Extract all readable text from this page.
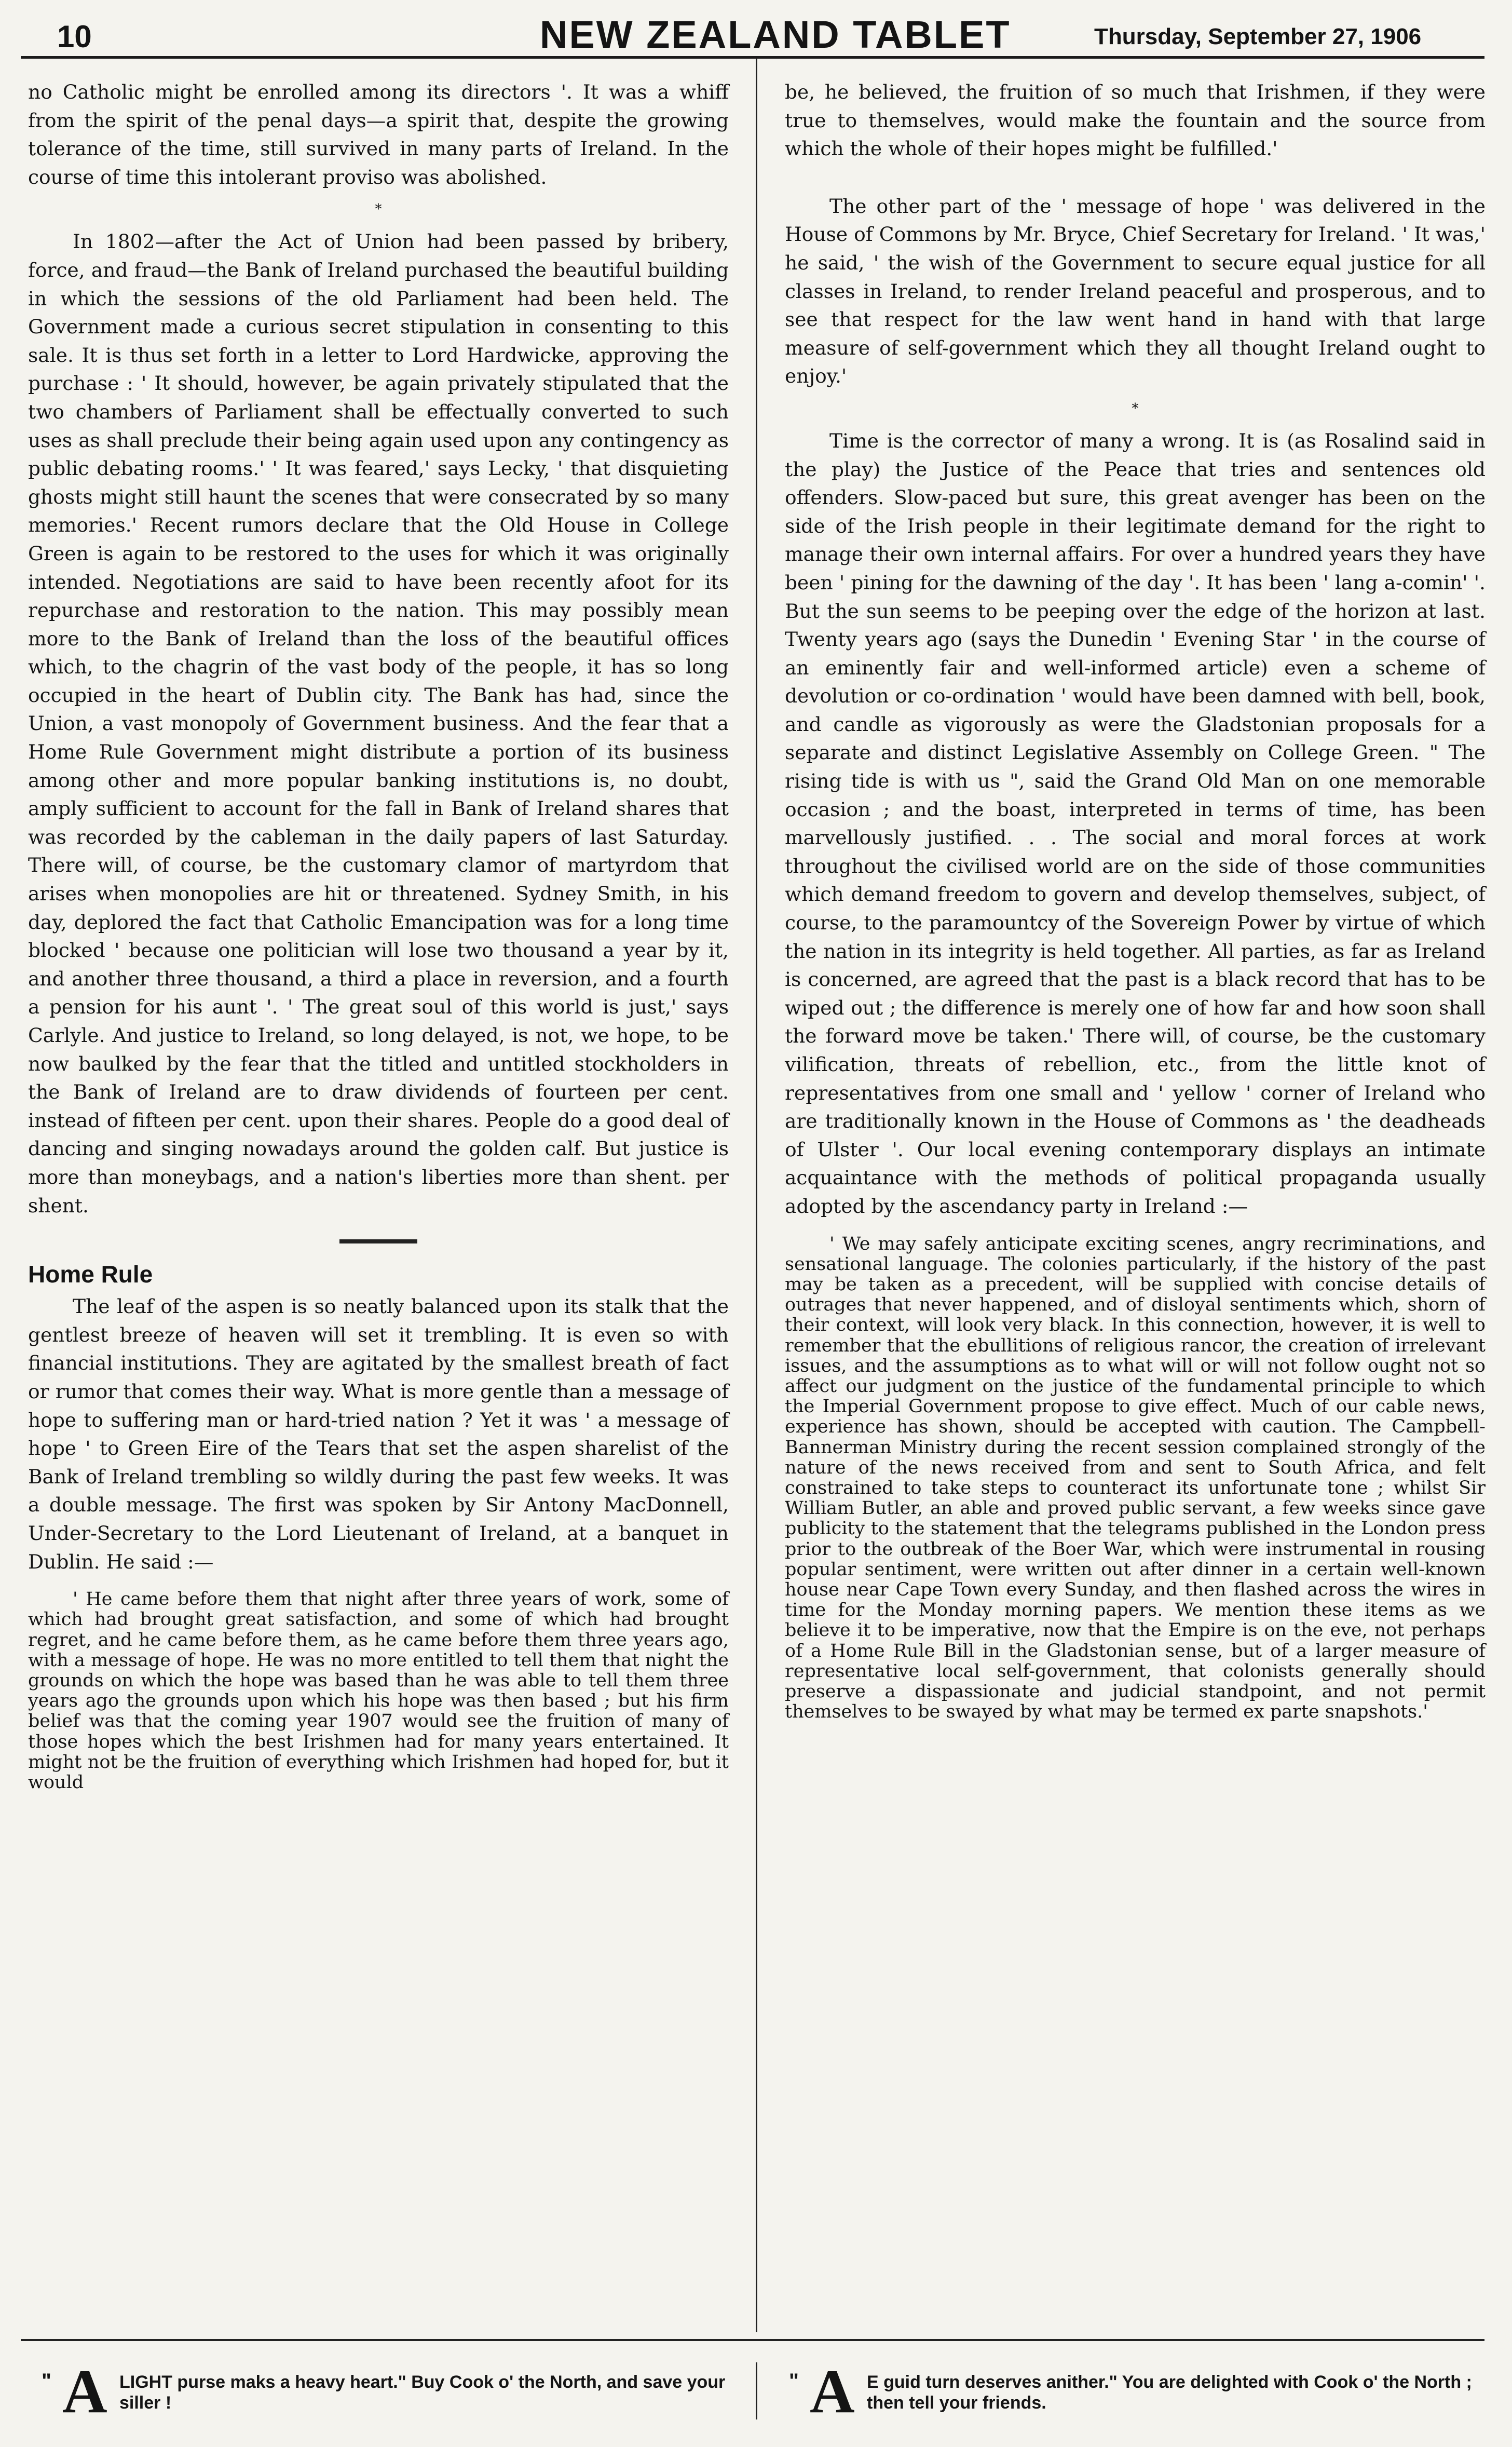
10	NEW ZEALAND TABLET	Thursday, September 27, 1906

no Catholic might be enrolled among its directors '. It was a whiff from the spirit of the penal days—a spirit that, despite the growing tolerance of the time, still survived in many parts of Ireland. In the course of time this intolerant proviso was abolished.

*

In 1802—after the Act of Union had been passed by bribery, force, and fraud—the Bank of Ireland purchased the beautiful building in which the sessions of the old Parliament had been held. The Government made a curious secret stipulation in consenting to this sale. It is thus set forth in a letter to Lord Hardwicke, approving the purchase : ' It should, however, be again privately stipulated that the two chambers of Parliament shall be effectually converted to such uses as shall preclude their being again used upon any contingency as public debating rooms.' ' It was feared,' says Lecky, ' that disquieting ghosts might still haunt the scenes that were consecrated by so many memories.' Recent rumors declare that the Old House in College Green is again to be restored to the uses for which it was originally intended. Negotiations are said to have been recently afoot for its repurchase and restoration to the nation. This may possibly mean more to the Bank of Ireland than the loss of the beautiful offices which, to the chagrin of the vast body of the people, it has so long occupied in the heart of Dublin city. The Bank has had, since the Union, a vast monopoly of Government business. And the fear that a Home Rule Government might distribute a portion of its business among other and more popular banking institutions is, no doubt, amply sufficient to account for the fall in Bank of Ireland shares that was recorded by the cableman in the daily papers of last Saturday. There will, of course, be the customary clamor of martyrdom that arises when monopolies are hit or threatened. Sydney Smith, in his day, deplored the fact that Catholic Emancipation was for a long time blocked ' because one politician will lose two thousand a year by it, and another three thousand, a third a place in reversion, and a fourth a pension for his aunt '. ' The great soul of this world is just,' says Carlyle. And justice to Ireland, so long delayed, is not, we hope, to be now baulked by the fear that the titled and untitled stockholders in the Bank of Ireland are to draw dividends of fourteen per cent. instead of fifteen per cent. upon their shares. People do a good deal of dancing and singing nowadays around the golden calf. But justice is more than moneybags, and a nation's liberties more than shent. per shent.

Home Rule

The leaf of the aspen is so neatly balanced upon its stalk that the gentlest breeze of heaven will set it trembling. It is even so with financial institutions. They are agitated by the smallest breath of fact or rumor that comes their way. What is more gentle than a message of hope to suffering man or hard-tried nation ? Yet it was ' a message of hope ' to Green Eire of the Tears that set the aspen sharelist of the Bank of Ireland trembling so wildly during the past few weeks. It was a double message. The first was spoken by Sir Antony MacDonnell, Under-Secretary to the Lord Lieutenant of Ireland, at a banquet in Dublin. He said :—

' He came before them that night after three years of work, some of which had brought great satisfaction, and some of which had brought regret, and he came before them, as he came before them three years ago, with a message of hope. He was no more entitled to tell them that night the grounds on which the hope was based than he was able to tell them three years ago the grounds upon which his hope was then based ; but his firm belief was that the coming year 1907 would see the fruition of many of those hopes which the best Irishmen had for many years entertained. It might not be the fruition of everything which Irishmen had hoped for, but it would

be, he believed, the fruition of so much that Irishmen, if they were true to themselves, would make the fountain and the source from which the whole of their hopes might be fulfilled.'

The other part of the ' message of hope ' was delivered in the House of Commons by Mr. Bryce, Chief Secretary for Ireland. ' It was,' he said, ' the wish of the Government to secure equal justice for all classes in Ireland, to render Ireland peaceful and prosperous, and to see that respect for the law went hand in hand with that large measure of self-government which they all thought Ireland ought to enjoy.'

*

Time is the corrector of many a wrong. It is (as Rosalind said in the play) the Justice of the Peace that tries and sentences old offenders. Slow-paced but sure, this great avenger has been on the side of the Irish people in their legitimate demand for the right to manage their own internal affairs. For over a hundred years they have been ' pining for the dawning of the day '. It has been ' lang a-comin' '. But the sun seems to be peeping over the edge of the horizon at last. Twenty years ago (says the Dunedin ' Evening Star ' in the course of an eminently fair and well-informed article) even a scheme of devolution or co-ordination ' would have been damned with bell, book, and candle as vigorously as were the Gladstonian proposals for a separate and distinct Legislative Assembly on College Green. " The rising tide is with us ", said the Grand Old Man on one memorable occasion ; and the boast, interpreted in terms of time, has been marvellously justified. . . The social and moral forces at work throughout the civilised world are on the side of those communities which demand freedom to govern and develop themselves, subject, of course, to the paramountcy of the Sovereign Power by virtue of which the nation in its integrity is held together. All parties, as far as Ireland is concerned, are agreed that the past is a black record that has to be wiped out ; the difference is merely one of how far and how soon shall the forward move be taken.' There will, of course, be the customary vilification, threats of rebellion, etc., from the little knot of representatives from one small and ' yellow ' corner of Ireland who are traditionally known in the House of Commons as ' the deadheads of Ulster '. Our local evening contemporary displays an intimate acquaintance with the methods of political propaganda usually adopted by the ascendancy party in Ireland :—

' We may safely anticipate exciting scenes, angry recriminations, and sensational language. The colonies particularly, if the history of the past may be taken as a precedent, will be supplied with concise details of outrages that never happened, and of disloyal sentiments which, shorn of their context, will look very black. In this connection, however, it is well to remember that the ebullitions of religious rancor, the creation of irrelevant issues, and the assumptions as to what will or will not follow ought not so affect our judgment on the justice of the fundamental principle to which the Imperial Government propose to give effect. Much of our cable news, experience has shown, should be accepted with caution. The Campbell-Bannerman Ministry during the recent session complained strongly of the nature of the news received from and sent to South Africa, and felt constrained to take steps to counteract its unfortunate tone ; whilst Sir William Butler, an able and proved public servant, a few weeks since gave publicity to the statement that the telegrams published in the London press prior to the outbreak of the Boer War, which were instrumental in rousing popular sentiment, were written out after dinner in a certain well-known house near Cape Town every Sunday, and then flashed across the wires in time for the Monday morning papers. We mention these items as we believe it to be imperative, now that the Empire is on the eve, not perhaps of a Home Rule Bill in the Gladstonian sense, but of a larger measure of representative local self-government, that colonists generally should preserve a dispassionate and judicial standpoint, and not permit themselves to be swayed by what may be termed ex parte snapshots.'

" A LIGHT purse maks a heavy heart." Buy Cook o' the North, and save your siller !
" A E guid turn deserves anither." You are delighted with Cook o' the North ; then tell your friends.
